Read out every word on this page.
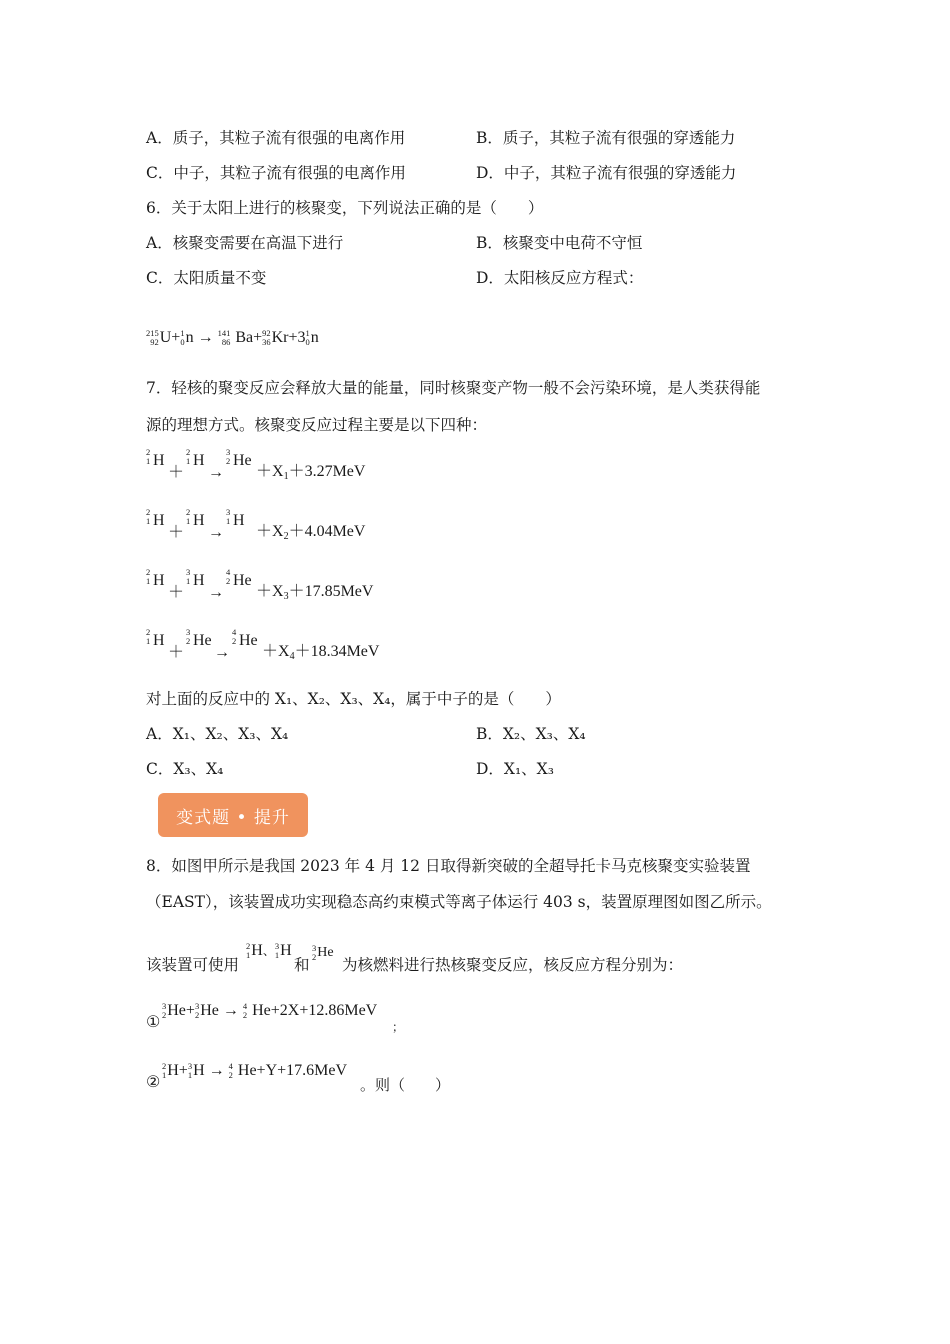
A．质子，其粒子流有很强的电离作用	B．质子，其粒子流有很强的穿透能力
C．中子，其粒子流有很强的电离作用	D．中子，其粒子流有很强的穿透能力
6．关于太阳上进行的核聚变，下列说法正确的是（　　）
A．核聚变需要在高温下进行	B．核聚变中电荷不守恒
C．太阳质量不变	D．太阳核反应方程式：
215
92 U+ 1
0 n → 141
86 Ba+ 92
36 Kr+3 1
0 n
7．轻核的聚变反应会释放大量的能量，同时核聚变产物一般不会污染环境，是人类获得能
源的理想方式。核聚变反应过程主要是以下四种：
2
1 H
＋
2
1 H
→
3
2 He
$+X_1+3.27MeV$
2
1 H
＋
2
1 H
→
3
1 H
$+X_2+4.04MeV$
2
1 H
＋
3
1 H
→
4
2 He
$+X_3+17.85MeV$
2
1 H
＋
3
2 He
→
4
2 He
$+X_4+18.34MeV$
对上面的反应中的 X₁、X₂、X₃、X₄，属于中子的是（　　）
A．X₁、X₂、X₃、X₄	B．X₂、X₃、X₄
C．X₃、X₄	D．X₁、X₃
变式题 • 提升
8．如图甲所示是我国 2023 年 4 月 12 日取得新突破的全超导托卡马克核聚变实验装置
（EAST），该装置成功实现稳态高约束模式等离子体运行 403 s，装置原理图如图乙所示。
该装置可使用
2
1 H、 3
1 H
和
3
2 He
为核燃料进行热核聚变反应，核反应方程分别为：
①
3
2 He+ 3
2 He → 4
2 He+2X+12.86MeV
；
②
2
1 H+ 3
1 H → 4
2 He+Y+17.6MeV
。则（　　）
